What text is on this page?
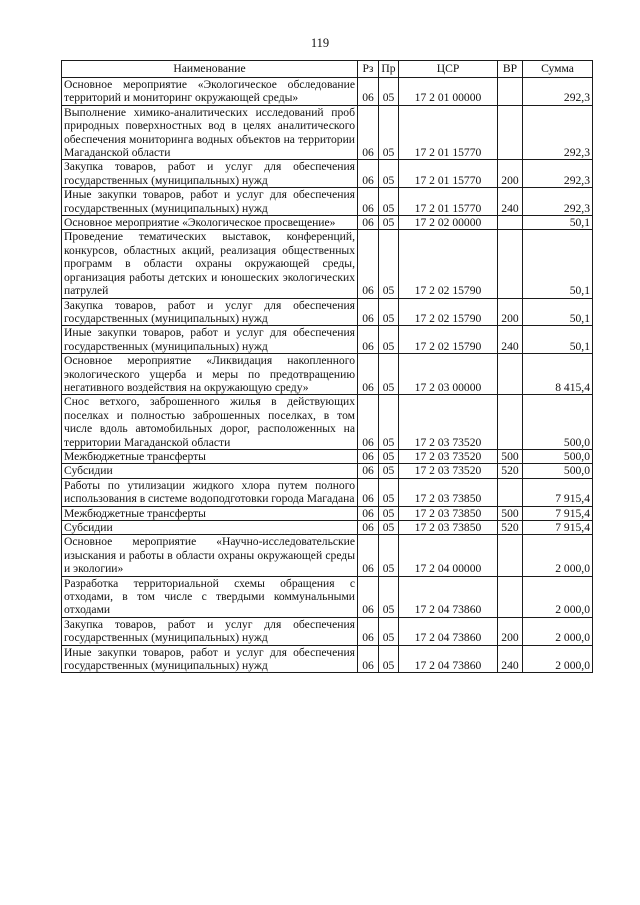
119
Наименование	Рз	Пр	ЦСР	ВР	Сумма
Основное мероприятие «Экологическое обследование территорий и мониторинг окружающей среды»	06	05	17 2 01 00000		292,3
Выполнение химико-аналитических исследований проб природных поверхностных вод в целях аналитического обеспечения мониторинга водных объектов на территории Магаданской области	06	05	17 2 01 15770		292,3
Закупка товаров, работ и услуг для обеспечения государственных (муниципальных) нужд	06	05	17 2 01 15770	200	292,3
Иные закупки товаров, работ и услуг для обеспечения государственных (муниципальных) нужд	06	05	17 2 01 15770	240	292,3
Основное мероприятие «Экологическое просвещение»	06	05	17 2 02 00000		50,1
Проведение тематических выставок, конференций, конкурсов, областных акций, реализация общественных программ в области охраны окружающей среды, организация работы детских и юношеских экологических патрулей	06	05	17 2 02 15790		50,1
Закупка товаров, работ и услуг для обеспечения государственных (муниципальных) нужд	06	05	17 2 02 15790	200	50,1
Иные закупки товаров, работ и услуг для обеспечения государственных (муниципальных) нужд	06	05	17 2 02 15790	240	50,1
Основное мероприятие «Ликвидация накопленного экологического ущерба и меры по предотвращению негативного воздействия на окружающую среду»	06	05	17 2 03 00000		8 415,4
Снос ветхого, заброшенного жилья в действующих поселках и полностью заброшенных поселках, в том числе вдоль автомобильных дорог, расположенных на территории Магаданской области	06	05	17 2 03 73520		500,0
Межбюджетные трансферты	06	05	17 2 03 73520	500	500,0
Субсидии	06	05	17 2 03 73520	520	500,0
Работы по утилизации жидкого хлора путем полного использования в системе водоподготовки города Магадана	06	05	17 2 03 73850		7 915,4
Межбюджетные трансферты	06	05	17 2 03 73850	500	7 915,4
Субсидии	06	05	17 2 03 73850	520	7 915,4
Основное мероприятие «Научно-исследовательские изыскания и работы в области охраны окружающей среды и экологии»	06	05	17 2 04 00000		2 000,0
Разработка территориальной схемы обращения с отходами, в том числе с твердыми коммунальными отходами	06	05	17 2 04 73860		2 000,0
Закупка товаров, работ и услуг для обеспечения государственных (муниципальных) нужд	06	05	17 2 04 73860	200	2 000,0
Иные закупки товаров, работ и услуг для обеспечения государственных (муниципальных) нужд	06	05	17 2 04 73860	240	2 000,0
